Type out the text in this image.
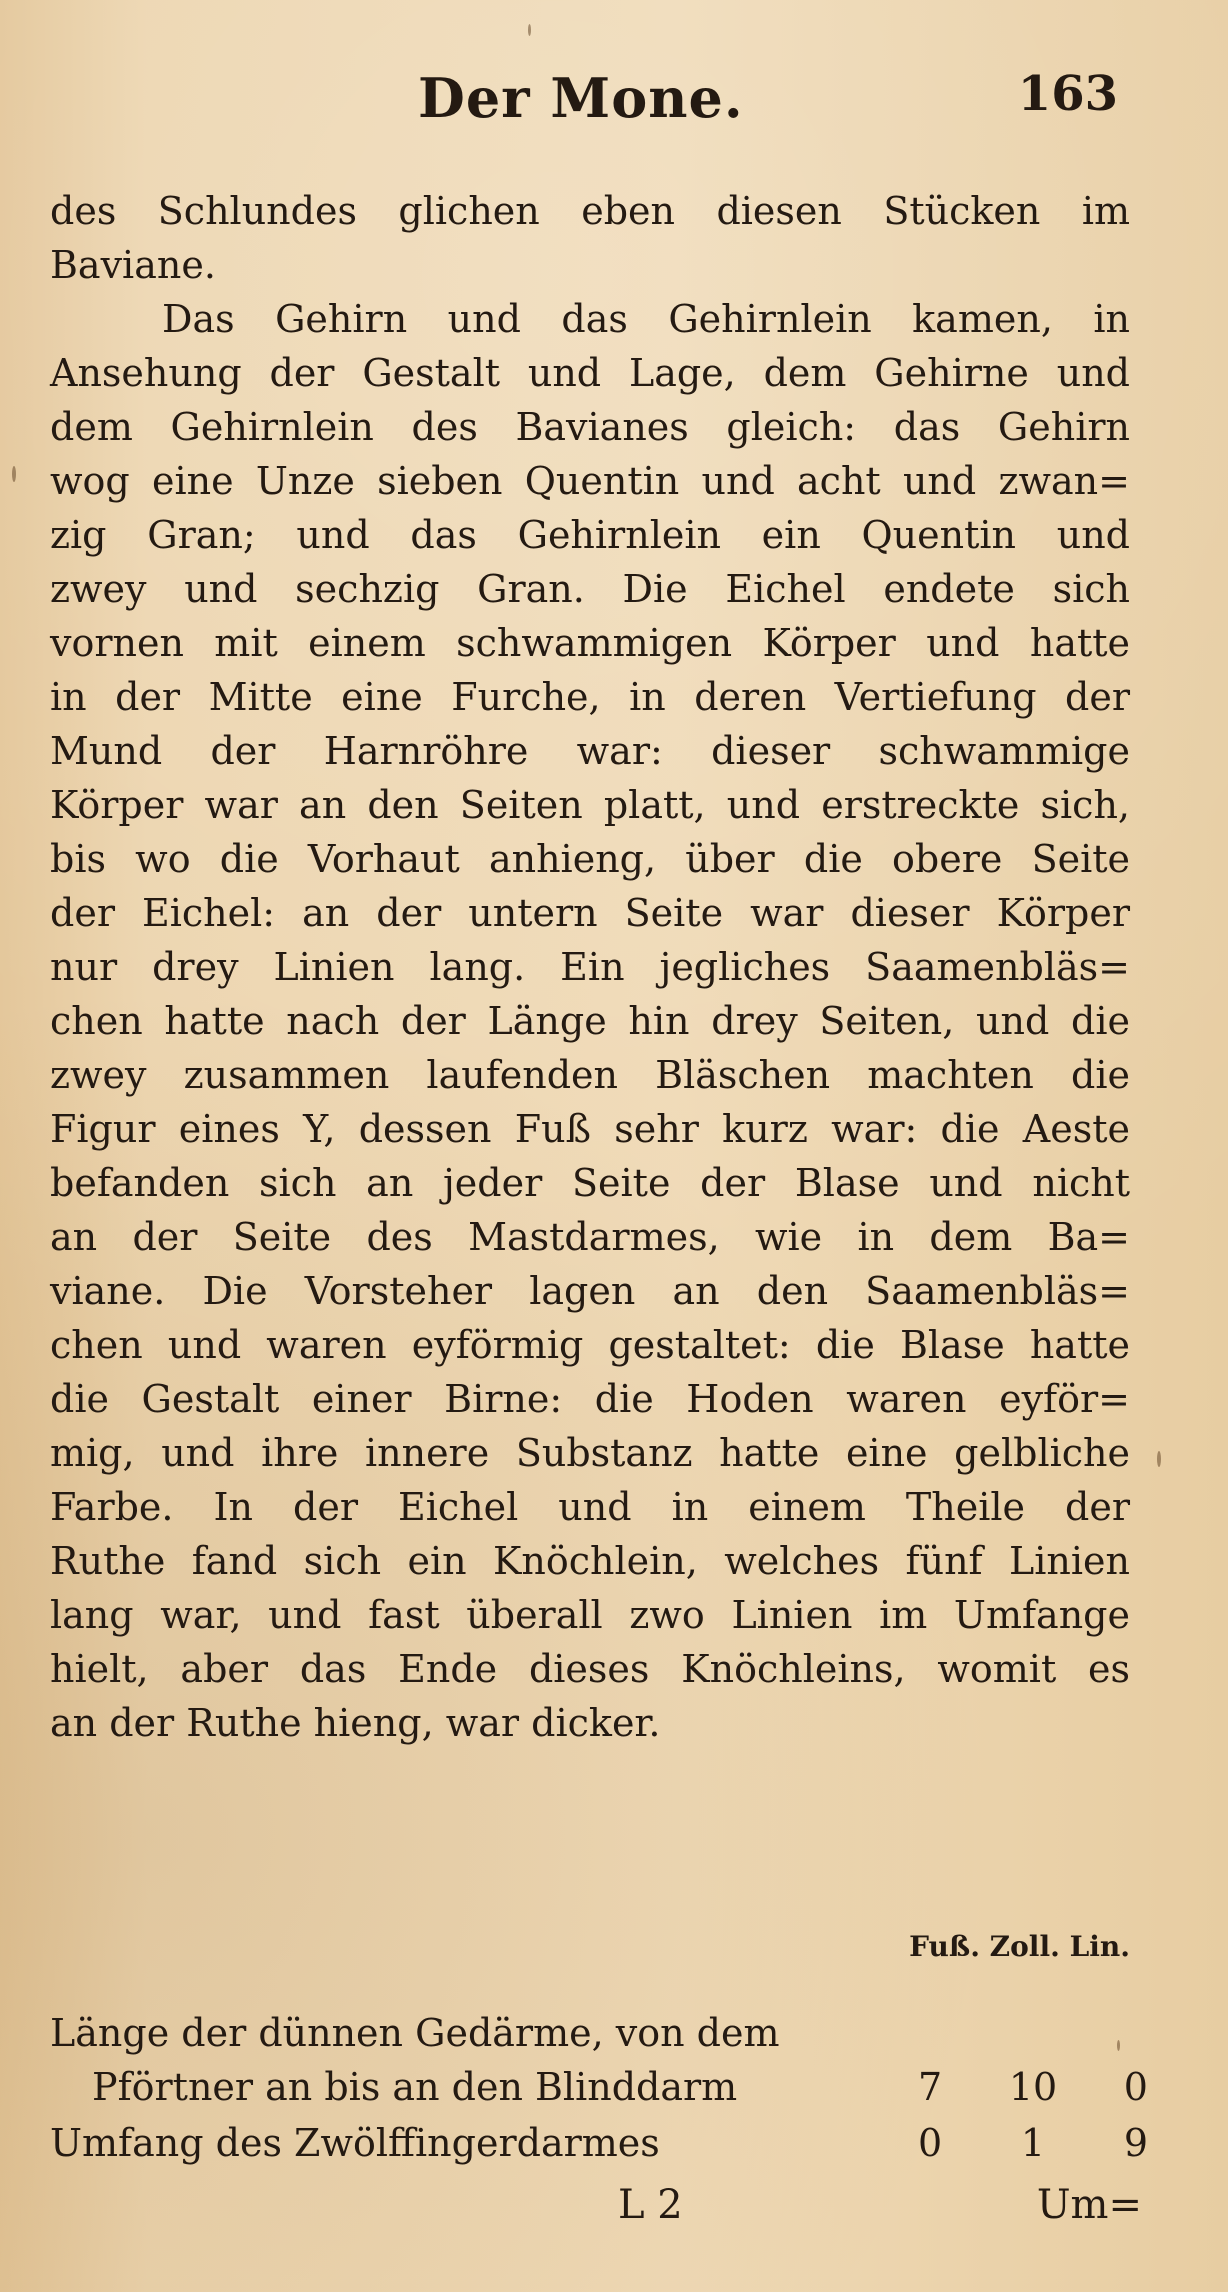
Der Mone.	163
des Schlundes glichen eben diesen Stücken im
Baviane.
Das Gehirn und das Gehirnlein kamen, in
Ansehung der Gestalt und Lage, dem Gehirne und
dem Gehirnlein des Bavianes gleich: das Gehirn
wog eine Unze sieben Quentin und acht und zwan=
zig Gran; und das Gehirnlein ein Quentin und
zwey und sechzig Gran. Die Eichel endete sich
vornen mit einem schwammigen Körper und hatte
in der Mitte eine Furche, in deren Vertiefung der
Mund der Harnröhre war: dieser schwammige
Körper war an den Seiten platt, und erstreckte sich,
bis wo die Vorhaut anhieng, über die obere Seite
der Eichel: an der untern Seite war dieser Körper
nur drey Linien lang. Ein jegliches Saamenbläs=
chen hatte nach der Länge hin drey Seiten, und die
zwey zusammen laufenden Bläschen machten die
Figur eines Y, dessen Fuß sehr kurz war: die Aeste
befanden sich an jeder Seite der Blase und nicht
an der Seite des Mastdarmes, wie in dem Ba=
viane. Die Vorsteher lagen an den Saamenbläs=
chen und waren eyförmig gestaltet: die Blase hatte
die Gestalt einer Birne: die Hoden waren eyför=
mig, und ihre innere Substanz hatte eine gelbliche
Farbe. In der Eichel und in einem Theile der
Ruthe fand sich ein Knöchlein, welches fünf Linien
lang war, und fast überall zwo Linien im Umfange
hielt, aber das Ende dieses Knöchleins, womit es
an der Ruthe hieng, war dicker.
Fuß. Zoll. Lin.
Länge der dünnen Gedärme, von dem
Pförtner an bis an den Blinddarm	7 10 0
Umfang des Zwölffingerdarmes	0 1 9
L 2	Um=
